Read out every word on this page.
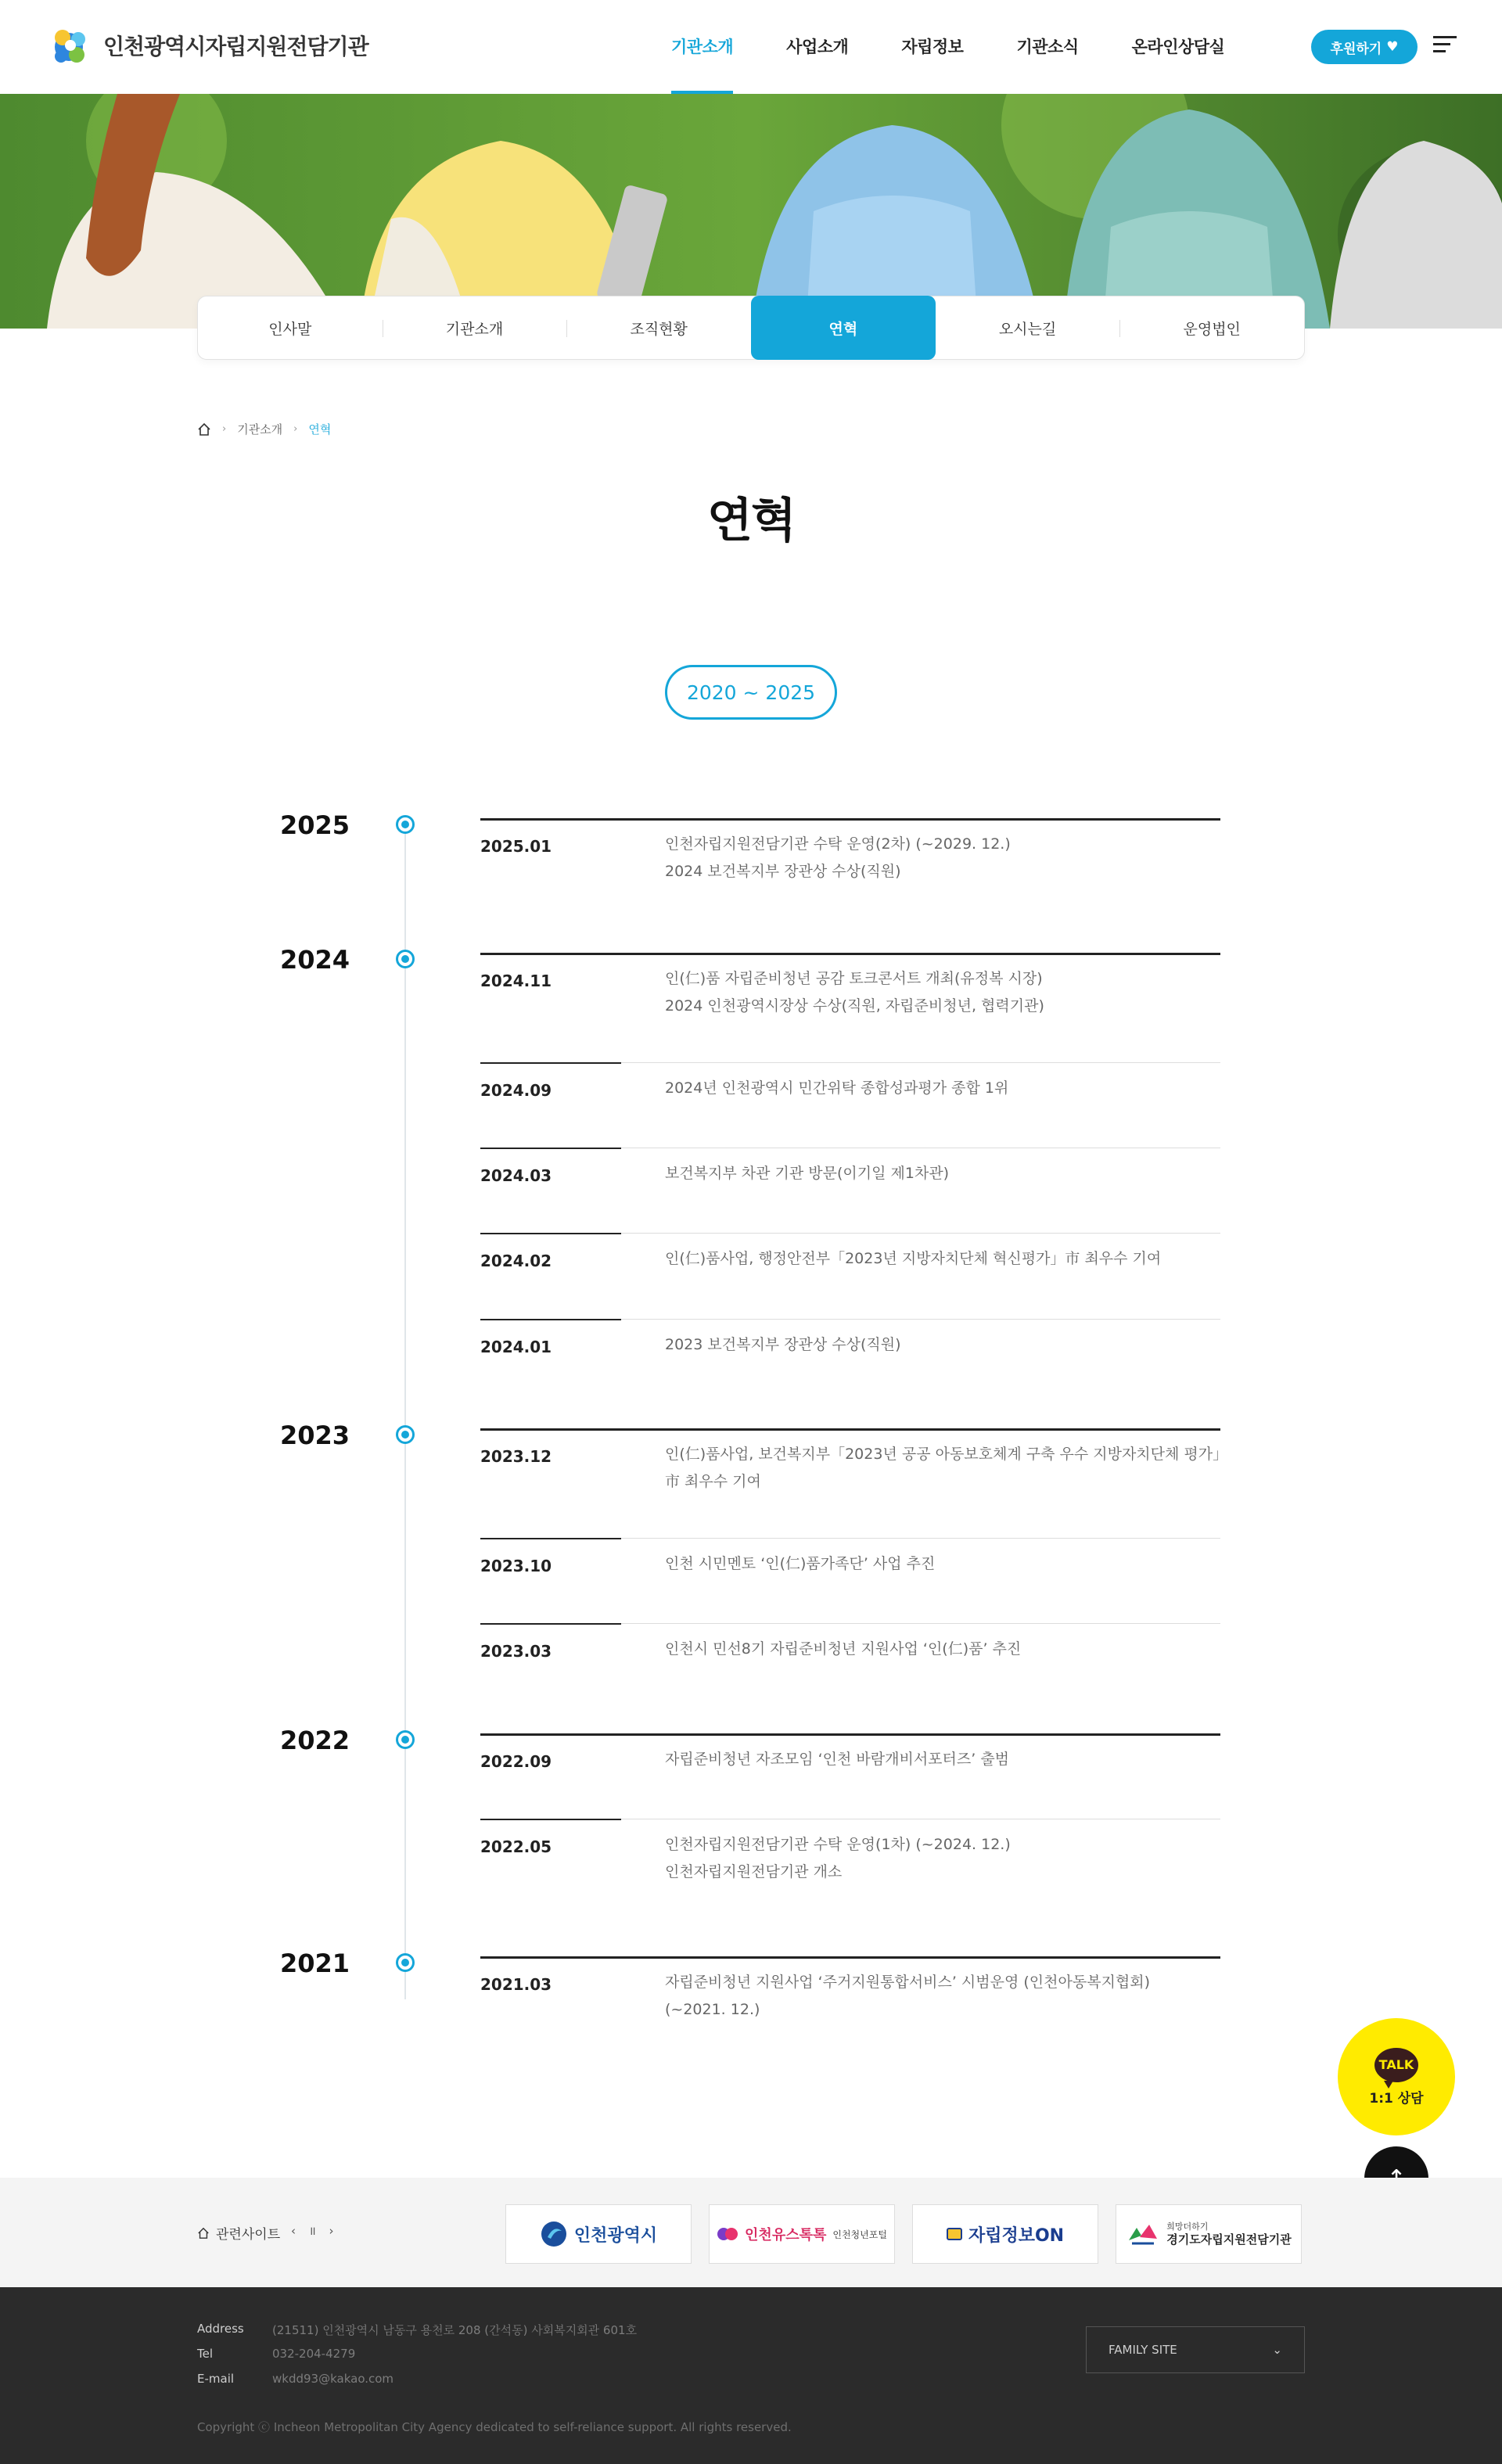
인천광역시자립지원전담기관	기관소개	사업소개	자립정보	기관소식	온라인상담실	후원하기 ♥
인사말	기관소개	조직현황	연혁	오시는길	운영법인
› 기관소개 › 연혁
연혁
2020 ~ 2025
2025
2025.01	인천자립지원전담기관 수탁 운영(2차) (~2029. 12.)
2024 보건복지부 장관상 수상(직원)
2024
2024.11	인(仁)품 자립준비청년 공감 토크콘서트 개최(유정복 시장)
2024 인천광역시장상 수상(직원, 자립준비청년, 협력기관)
2024.09	2024년 인천광역시 민간위탁 종합성과평가 종합 1위
2024.03	보건복지부 차관 기관 방문(이기일 제1차관)
2024.02	인(仁)품사업, 행정안전부「2023년 지방자치단체 혁신평가」市 최우수 기여
2024.01	2023 보건복지부 장관상 수상(직원)
2023
2023.12	인(仁)품사업, 보건복지부「2023년 공공 아동보호체계 구축 우수 지방자치단체 평가」
市 최우수 기여
2023.10	인천 시민멘토 ‘인(仁)품가족단’ 사업 추진
2023.03	인천시 민선8기 자립준비청년 지원사업 ‘인(仁)품’ 추진
2022
2022.09	자립준비청년 자조모임 ‘인천 바람개비서포터즈’ 출범
2022.05	인천자립지원전담기관 수탁 운영(1차) (~2024. 12.)
인천자립지원전담기관 개소
2021
2021.03	자립준비청년 지원사업 ‘주거지원통합서비스’ 시범운영 (인천아동복지협회)
(~2021. 12.)
TALK
1:1 상담
관련사이트 ‹ ॥ ›	인천광역시	인천유스톡톡 인천청년포털	자립정보ON	희망더하기
경기도자립지원전담기관
Address (21511) 인천광역시 남동구 용천로 208 (간석동) 사회복지회관 601호
Tel	032-204-4279
E-mail	wkdd93@kakao.com
Copyright ⓒ Incheon Metropolitan City Agency dedicated to self-reliance support. All rights reserved.
FAMILY SITE	⌄
